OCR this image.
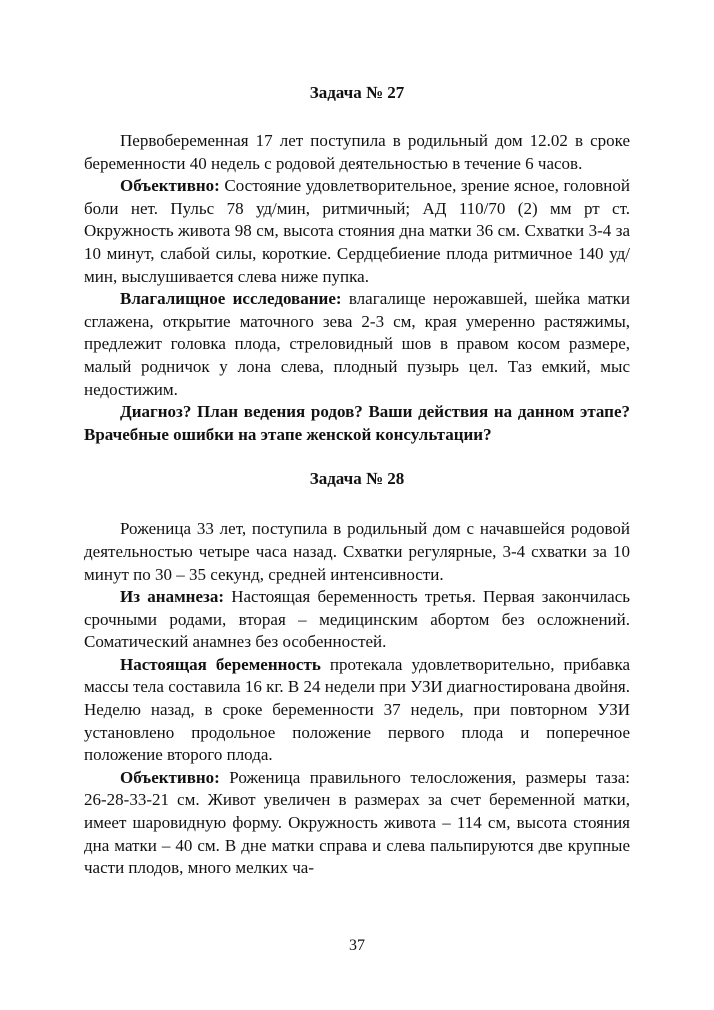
Задача № 27

Первобеременная 17 лет поступила в родильный дом 12.02 в сроке беременности 40 недель с родовой деятельностью в течение 6 часов.

Объективно: Состояние удовлетворительное, зрение ясное, головной боли нет. Пульс 78 уд/мин, ритмичный; АД 110/70 (2) мм рт ст. Окружность живота 98 см, высота стояния дна матки 36 см. Схватки 3-4 за 10 минут, слабой силы, короткие. Сердцебиение плода ритмичное 140 уд/мин, выслушивается слева ниже пупка.

Влагалищное исследование: влагалище нерожавшей, шейка матки сглажена, открытие маточного зева 2-3 см, края умеренно растяжимы, предлежит головка плода, стреловидный шов в правом косом размере, малый родничок у лона слева, плодный пузырь цел. Таз емкий, мыс недостижим.

Диагноз? План ведения родов? Ваши действия на данном этапе? Врачебные ошибки на этапе женской консультации?

Задача № 28

Роженица 33 лет, поступила в родильный дом с начавшейся родовой деятельностью четыре часа назад. Схватки регулярные, 3-4 схватки за 10 минут по 30 – 35 секунд, средней интенсивности.

Из анамнеза: Настоящая беременность третья. Первая закончилась срочными родами, вторая – медицинским абортом без осложнений. Соматический анамнез без особенностей.

Настоящая беременность протекала удовлетворительно, прибавка массы тела составила 16 кг. В 24 недели при УЗИ диагностирована двойня. Неделю назад, в сроке беременности 37 недель, при повторном УЗИ установлено продольное положение первого плода и поперечное положение второго плода.

Объективно: Роженица правильного телосложения, размеры таза: 26-28-33-21 см. Живот увеличен в размерах за счет беременной матки, имеет шаровидную форму. Окружность живота – 114 см, высота стояния дна матки – 40 см. В дне матки справа и слева пальпируются две крупные части плодов, много мелких ча-

37
